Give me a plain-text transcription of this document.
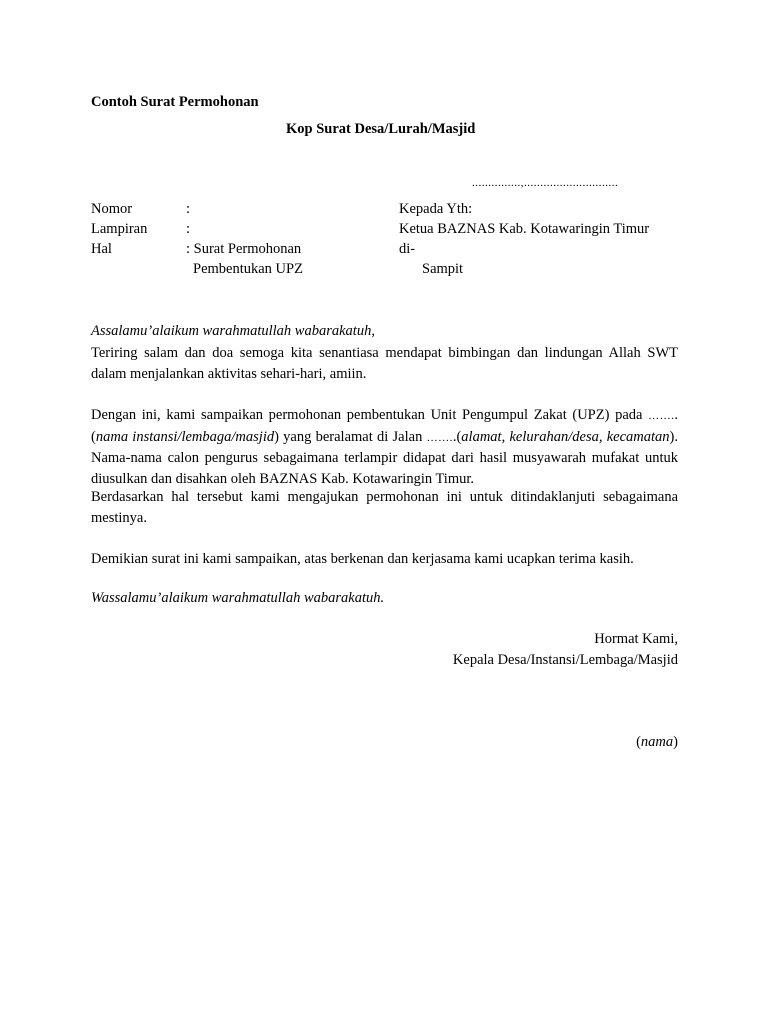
Contoh Surat Permohonan
Kop Surat Desa/Lurah/Masjid
...............,.............................
Nomor	:
Lampiran	:
Hal	: Surat Permohonan
Pembentukan UPZ
Kepada Yth:
Ketua BAZNAS Kab. Kotawaringin Timur
di-
Sampit
Assalamu’alaikum warahmatullah wabarakatuh,
Teriring salam dan doa semoga kita senantiasa mendapat bimbingan dan lindungan Allah SWT dalam menjalankan aktivitas sehari-hari, amiin.
Dengan ini, kami sampaikan permohonan pembentukan Unit Pengumpul Zakat (UPZ) pada ……..(nama instansi/lembaga/masjid) yang beralamat di Jalan ……..(alamat, kelurahan/desa, kecamatan). Nama-nama calon pengurus sebagaimana terlampir didapat dari hasil musyawarah mufakat untuk diusulkan dan disahkan oleh BAZNAS Kab. Kotawaringin Timur.
Berdasarkan hal tersebut kami mengajukan permohonan ini untuk ditindaklanjuti sebagaimana mestinya.
Demikian surat ini kami sampaikan, atas berkenan dan kerjasama kami ucapkan terima kasih.
Wassalamu’alaikum warahmatullah wabarakatuh.
Hormat Kami,
Kepala Desa/Instansi/Lembaga/Masjid
(nama)
